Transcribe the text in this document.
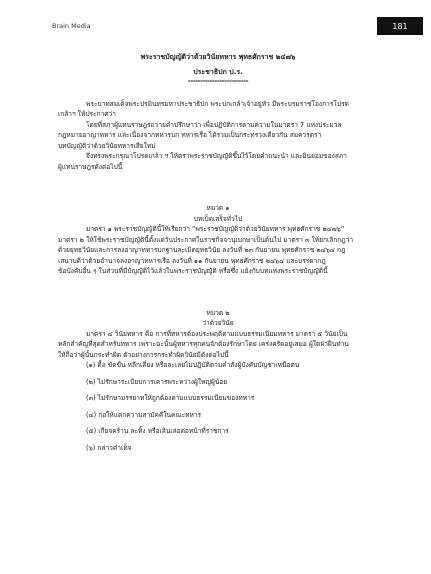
Brain Media	181
พระราชบัญญัติว่าด้วยวินัยทหาร พุทธศักราช ๒๔๗๖
ประชาธิปก ป.ร.
-------------------------

พระบาทสมเด็จพระปรมินทรมหาประชาธิปก พระปกเกล้าเจ้าอยู่หัว มีพระบรมราชโองการโปรด

เกล้าฯ ให้ประกาศว่า

โดยที่สภาผู้แทนราษฎรถวายคำปรึกษาว่า เพื่อปฏิบัติการตามความในมาตรา 7 แห่งประมวล

กฎหมายอาญาทหาร และเนื่องจากทหารบก ทหารเรือ ได้รวมเป็นกระทรวงเดียวกัน สมควรตรา

บทบัญญัติว่าด้วยวินัยทหารเสียใหม่

จึงทรงพระกรุณาโปรดเกล้า ฯ ให้ตราพระราชบัญญัติขึ้นไว้โดยคำแนะนำ และยินยอมของสภา

ผู้แทนราษฎรดังต่อไปนี้

หมวด ๑
บทเบ็ดเสร็จทั่วไป

มาตรา ๑ พระราชบัญญัตินี้ให้เรียกว่า “พระราชบัญญัติว่าด้วยวินัยทหาร พุทธศักราช ๒๔๗๖”

มาตรา ๒ ให้ใช้พระราชบัญญัตินี้ตั้งแต่วันประกาศในราชกิจจานุเบกษาเป็นต้นไป มาตรา ๓ ให้ยกเลิกกฎว่า

ด้วยยุทธวินัยและการลงอาญาทหารบกฐานละเมิดยุทธวินัย ลงวันที่ ๒๓ กันยายน พุทธศักราช ๒๔๖๔ กฎ

เสนาบดีว่าด้วยอำนาจลงอาญาทหารเรือ ลงวันที่ ๑๑ กันยายน พุทธศักราช ๒๔๖๔ และบรรดากฎ

ข้อบังคับอื่น ๆ ในส่วนที่มีบัญญัติไว้แล้วในพระราชบัญญัติ หรือซึ่ง แย้งกับบทแห่งพระราชบัญญัตินี้

หมวด ๒
ว่าด้วยวินัย

มาตรา ๔ วินัยทหาร คือ การที่ทหารต้องประพฤติตามแบบธรรมเนียมทหาร มาตรา ๕ วินัยเป็น

หลักสำคัญที่สุดสำหรับทหาร เพราะฉะนั้นผู้ทหารทุกคนจักต้องรักษาโดย เคร่งครัดอยู่เสมอ ผู้ใดฝ่าฝืนท่าน

ให้ถือว่าผู้นั้นกระทำผิด ตัวอย่างการกระทำผิดวินัยมีดังต่อไปนี้

(๑) ดื้อ ขัดขืน หลีกเลี่ยง หรือละเลยไม่ปฏิบัติตามคำสั่งผู้บังคับบัญชาเหนือตน

(๒) ไม่รักษาระเบียบการเคารพระหว่างผู้ใหญ่ผู้น้อย

(๓) ไม่รักษามรรยาทให้ถูกต้องตามแบบธรรมเนียมของทหาร

(๔) ก่อให้แตกความสามัคคีในคณะทหาร

(๕) เกียจคร้าน ละทิ้ง หรือเลินเล่อต่อหน้าที่ราชการ

(๖) กล่าวคำเท็จ
